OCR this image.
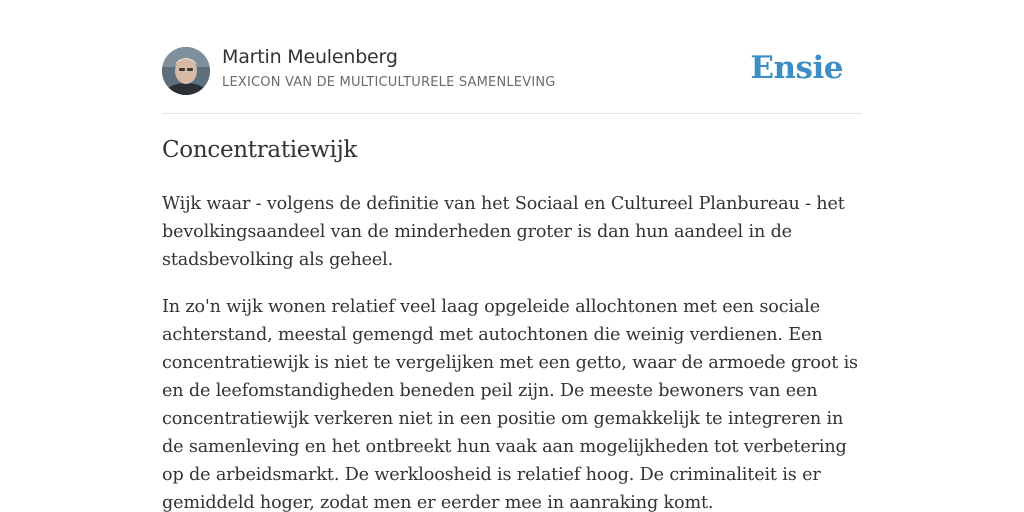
Martin Meulenberg
LEXICON VAN DE MULTICULTURELE SAMENLEVING	Ensie
Concentratiewijk

Wijk waar - volgens de definitie van het Sociaal en Cultureel Planbureau - het bevolkingsaandeel van de minderheden groter is dan hun aandeel in de stadsbevolking als geheel.

In zo'n wijk wonen relatief veel laag opgeleide allochtonen met een sociale achterstand, meestal gemengd met autochtonen die weinig verdienen. Een concentratiewijk is niet te vergelijken met een getto, waar de armoede groot is en de leefomstandigheden beneden peil zijn. De meeste bewoners van een concentratiewijk verkeren niet in een positie om gemakkelijk te integreren in de samenleving en het ontbreekt hun vaak aan mogelijkheden tot verbetering op de arbeidsmarkt. De werkloosheid is relatief hoog. De criminaliteit is er gemiddeld hoger, zodat men er eerder mee in aanraking komt.
